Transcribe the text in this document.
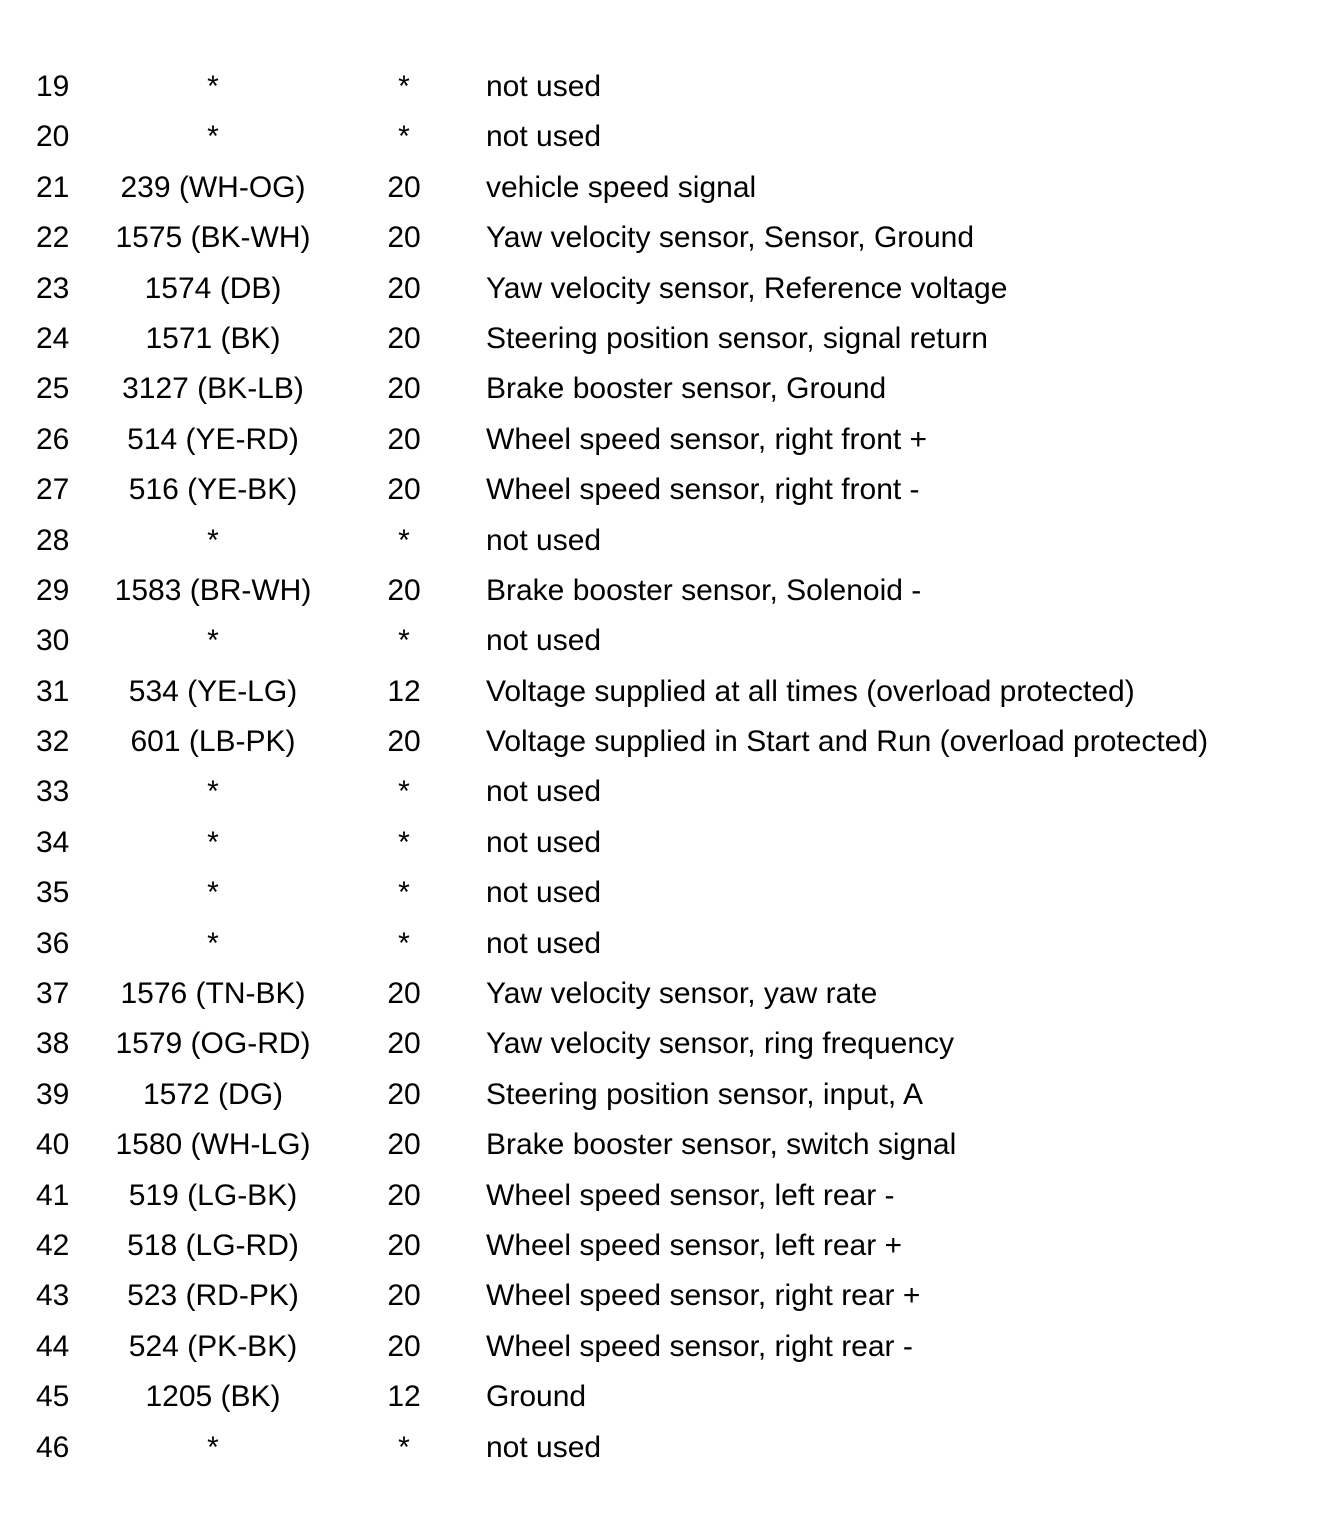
19	*	*	not used
20	*	*	not used
21	239 (WH-OG)	20	vehicle speed signal
22	1575 (BK-WH)	20	Yaw velocity sensor, Sensor, Ground
23	1574 (DB)	20	Yaw velocity sensor, Reference voltage
24	1571 (BK)	20	Steering position sensor, signal return
25	3127 (BK-LB)	20	Brake booster sensor, Ground
26	514 (YE-RD)	20	Wheel speed sensor, right front +
27	516 (YE-BK)	20	Wheel speed sensor, right front -
28	*	*	not used
29	1583 (BR-WH)	20	Brake booster sensor, Solenoid -
30	*	*	not used
31	534 (YE-LG)	12	Voltage supplied at all times (overload protected)
32	601 (LB-PK)	20	Voltage supplied in Start and Run (overload protected)
33	*	*	not used
34	*	*	not used
35	*	*	not used
36	*	*	not used
37	1576 (TN-BK)	20	Yaw velocity sensor, yaw rate
38	1579 (OG-RD)	20	Yaw velocity sensor, ring frequency
39	1572 (DG)	20	Steering position sensor, input, A
40	1580 (WH-LG)	20	Brake booster sensor, switch signal
41	519 (LG-BK)	20	Wheel speed sensor, left rear -
42	518 (LG-RD)	20	Wheel speed sensor, left rear +
43	523 (RD-PK)	20	Wheel speed sensor, right rear +
44	524 (PK-BK)	20	Wheel speed sensor, right rear -
45	1205 (BK)	12	Ground
46	*	*	not used
